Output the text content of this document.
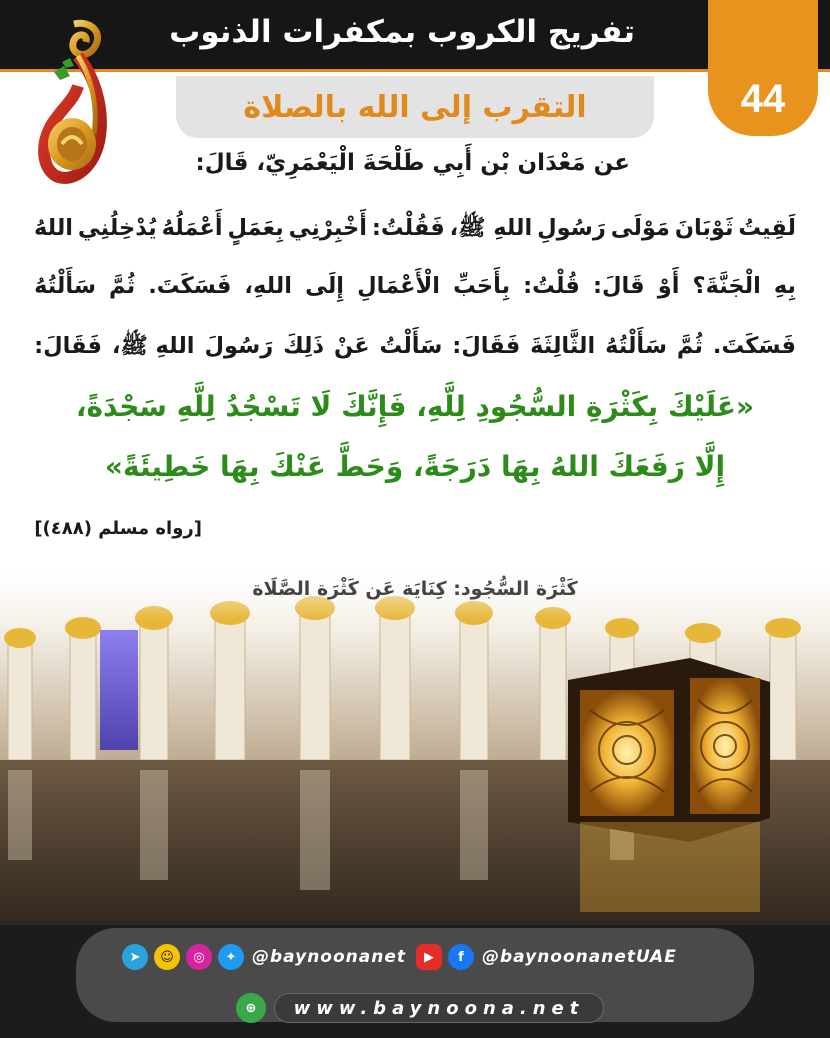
تفريج الكروب بمكفرات الذنوب
44
التقرب إلى الله بالصلاة
عن مَعْدَان بْن أَبِي طَلْحَةَ الْيَعْمَرِيّ، قَالَ:
لَقِيتُ
ثَوْبَانَ
مَوْلَى
رَسُولِ
اللهِ ﷺ،
فَقُلْتُ:
أَخْبِرْنِي
بِعَمَلٍ
أَعْمَلُهُ
يُدْخِلُنِي
اللهُ
بِهِ
الْجَنَّةَ؟
أَوْ
قَالَ:
قُلْتُ:
بِأَحَبِّ
الْأَعْمَالِ
إِلَى
اللهِ،
فَسَكَتَ.
ثُمَّ
سَأَلْتُهُ
فَسَكَتَ.
ثُمَّ
سَأَلْتُهُ
الثَّالِثَةَ
فَقَالَ:
سَأَلْتُ
عَنْ
ذَلِكَ
رَسُولَ
اللهِ ﷺ،
فَقَالَ:
«عَلَيْكَ بِكَثْرَةِ السُّجُودِ لِلَّهِ، فَإِنَّكَ لَا تَسْجُدُ لِلَّهِ سَجْدَةً،
إِلَّا رَفَعَكَ اللهُ بِهَا دَرَجَةً، وَحَطَّ عَنْكَ بِهَا خَطِيئَةً»
[رواه مسلم (٤٨٨)]
كَثْرَة السُّجُود: كِنَايَة عَن كَثْرَة الصَّلَاة
➤	☺	◎	✦ @baynoonanet	▶	f	@baynoonanetUAE
⊕	www.baynoona.net
